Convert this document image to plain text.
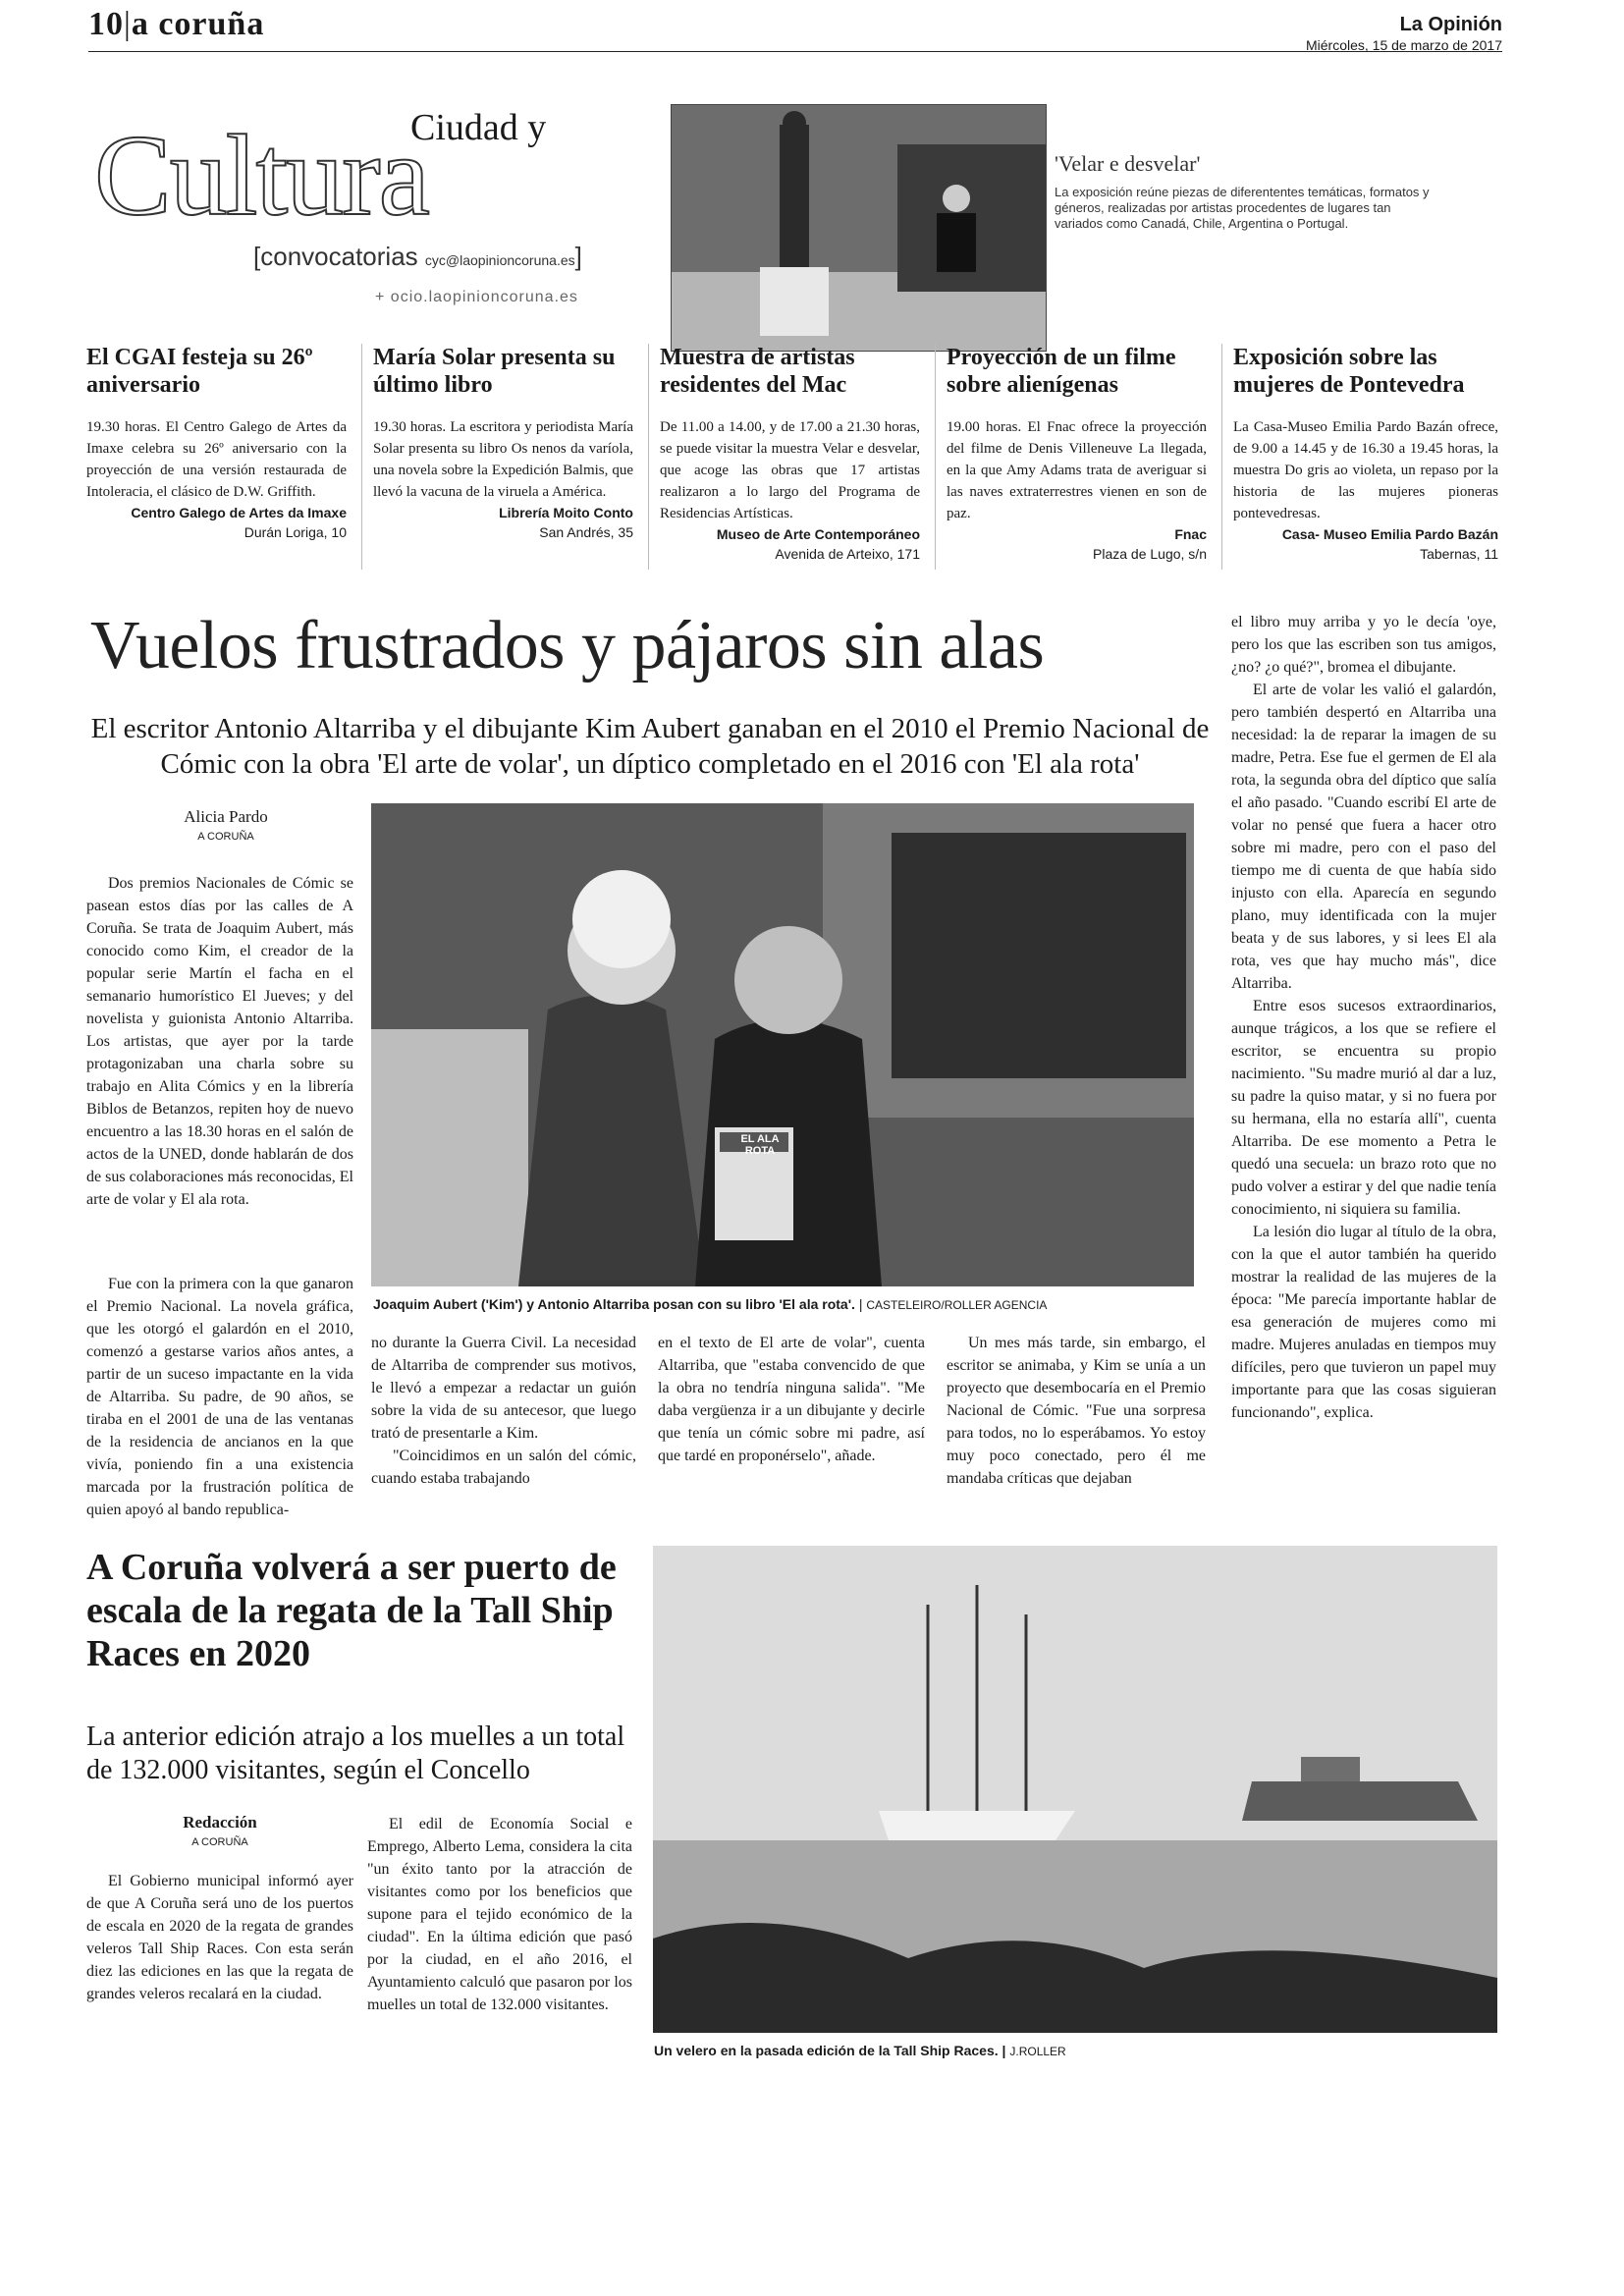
10|a coruña	La Opinión
Miércoles, 15 de marzo de 2017
Ciudad y
Cultura
[convocatorias cyc@laopinioncoruna.es]
+ ocio.laopinioncoruna.es
'Velar e desvelar'
La exposición reúne piezas de diferententes temáticas, formatos y géneros, realizadas por artistas procedentes de lugares tan variados como Canadá, Chile, Argentina o Portugal.
El CGAI festeja su 26º aniversario
19.30 horas. El Centro Galego de Artes da Imaxe celebra su 26º aniversario con la proyección de una versión restaurada de Intoleracia, el clásico de D.W. Griffith.
Centro Galego de Artes da Imaxe
Durán Loriga, 10
María Solar presenta su último libro
19.30 horas. La escritora y periodista María Solar presenta su libro Os nenos da varíola, una novela sobre la Expedición Balmis, que llevó la vacuna de la viruela a América.
Librería Moito Conto
San Andrés, 35
Muestra de artistas residentes del Mac
De 11.00 a 14.00, y de 17.00 a 21.30 horas, se puede visitar la muestra Velar e desvelar, que acoge las obras que 17 artistas realizaron a lo largo del Programa de Residencias Artísticas.
Museo de Arte Contemporáneo
Avenida de Arteixo, 171
Proyección de un filme sobre alienígenas
19.00 horas. El Fnac ofrece la proyección del filme de Denis Villeneuve La llegada, en la que Amy Adams trata de averiguar si las naves extraterrestres vienen en son de paz.
Fnac
Plaza de Lugo, s/n
Exposición sobre las mujeres de Pontevedra
La Casa-Museo Emilia Pardo Bazán ofrece, de 9.00 a 14.45 y de 16.30 a 19.45 horas, la muestra Do gris ao violeta, un repaso por la historia de las mujeres pioneras pontevedresas.
Casa- Museo Emilia Pardo Bazán
Tabernas, 11
Vuelos frustrados y pájaros sin alas
El escritor Antonio Altarriba y el dibujante Kim Aubert ganaban en el 2010 el Premio Nacional de Cómic con la obra 'El arte de volar', un díptico completado en el 2016 con 'El ala rota'
Alicia Pardo
A CORUÑA

Dos premios Nacionales de Cómic se pasean estos días por las calles de A Coruña. Se trata de Joaquim Aubert, más conocido como Kim, el creador de la popular serie Martín el facha en el semanario humorístico El Jueves; y del novelista y guionista Antonio Altarriba. Los artistas, que ayer por la tarde protagonizaban una charla sobre su trabajo en Alita Cómics y en la librería Biblos de Betanzos, repiten hoy de nuevo encuentro a las 18.30 horas en el salón de actos de la UNED, donde hablarán de dos de sus colaboraciones más reconocidas, El arte de volar y El ala rota.

Fue con la primera con la que ganaron el Premio Nacional. La novela gráfica, que les otorgó el galardón en el 2010, comenzó a gestarse varios años antes, a partir de un suceso impactante en la vida de Altarriba. Su padre, de 90 años, se tiraba en el 2001 de una de las ventanas de la residencia de ancianos en la que vivía, poniendo fin a una existencia marcada por la frustración política de quien apoyó al bando republica-

EL ALA ROTA
Joaquim Aubert ('Kim') y Antonio Altarriba posan con su libro 'El ala rota'. | CASTELEIRO/ROLLER AGENCIA

no durante la Guerra Civil. La necesidad de Altarriba de comprender sus motivos, le llevó a empezar a redactar un guión sobre la vida de su antecesor, que luego trató de presentarle a Kim.

"Coincidimos en un salón del cómic, cuando estaba trabajando

en el texto de El arte de volar", cuenta Altarriba, que "estaba convencido de que la obra no tendría ninguna salida". "Me daba vergüenza ir a un dibujante y decirle que tenía un cómic sobre mi padre, así que tardé en proponérselo", añade.

Un mes más tarde, sin embargo, el escritor se animaba, y Kim se unía a un proyecto que desembocaría en el Premio Nacional de Cómic. "Fue una sorpresa para todos, no lo esperábamos. Yo estoy muy poco conectado, pero él me mandaba críticas que dejaban

el libro muy arriba y yo le decía 'oye, pero los que las escriben son tus amigos, ¿no? ¿o qué?", bromea el dibujante.

El arte de volar les valió el galardón, pero también despertó en Altarriba una necesidad: la de reparar la imagen de su madre, Petra. Ese fue el germen de El ala rota, la segunda obra del díptico que salía el año pasado. "Cuando escribí El arte de volar no pensé que fuera a hacer otro sobre mi madre, pero con el paso del tiempo me di cuenta de que había sido injusto con ella. Aparecía en segundo plano, muy identificada con la mujer beata y de sus labores, y si lees El ala rota, ves que hay mucho más", dice Altarriba.

Entre esos sucesos extraordinarios, aunque trágicos, a los que se refiere el escritor, se encuentra su propio nacimiento. "Su madre murió al dar a luz, su padre la quiso matar, y si no fuera por su hermana, ella no estaría allí", cuenta Altarriba. De ese momento a Petra le quedó una secuela: un brazo roto que no pudo volver a estirar y del que nadie tenía conocimiento, ni siquiera su familia.

La lesión dio lugar al título de la obra, con la que el autor también ha querido mostrar la realidad de las mujeres de la época: "Me parecía importante hablar de esa generación de mujeres como mi madre. Mujeres anuladas en tiempos muy difíciles, pero que tuvieron un papel muy importante para que las cosas siguieran funcionando", explica.

A Coruña volverá a ser puerto de escala de la regata de la Tall Ship Races en 2020
La anterior edición atrajo a los muelles a un total de 132.000 visitantes, según el Concello
Redacción
A CORUÑA

El Gobierno municipal informó ayer de que A Coruña será uno de los puertos de escala en 2020 de la regata de grandes veleros Tall Ship Races. Con esta serán diez las ediciones en las que la regata de grandes veleros recalará en la ciudad.

El edil de Economía Social e Emprego, Alberto Lema, considera la cita "un éxito tanto por la atracción de visitantes como por los beneficios que supone para el tejido económico de la ciudad". En la última edición que pasó por la ciudad, en el año 2016, el Ayuntamiento calculó que pasaron por los muelles un total de 132.000 visitantes.

Un velero en la pasada edición de la Tall Ship Races. | J.ROLLER
